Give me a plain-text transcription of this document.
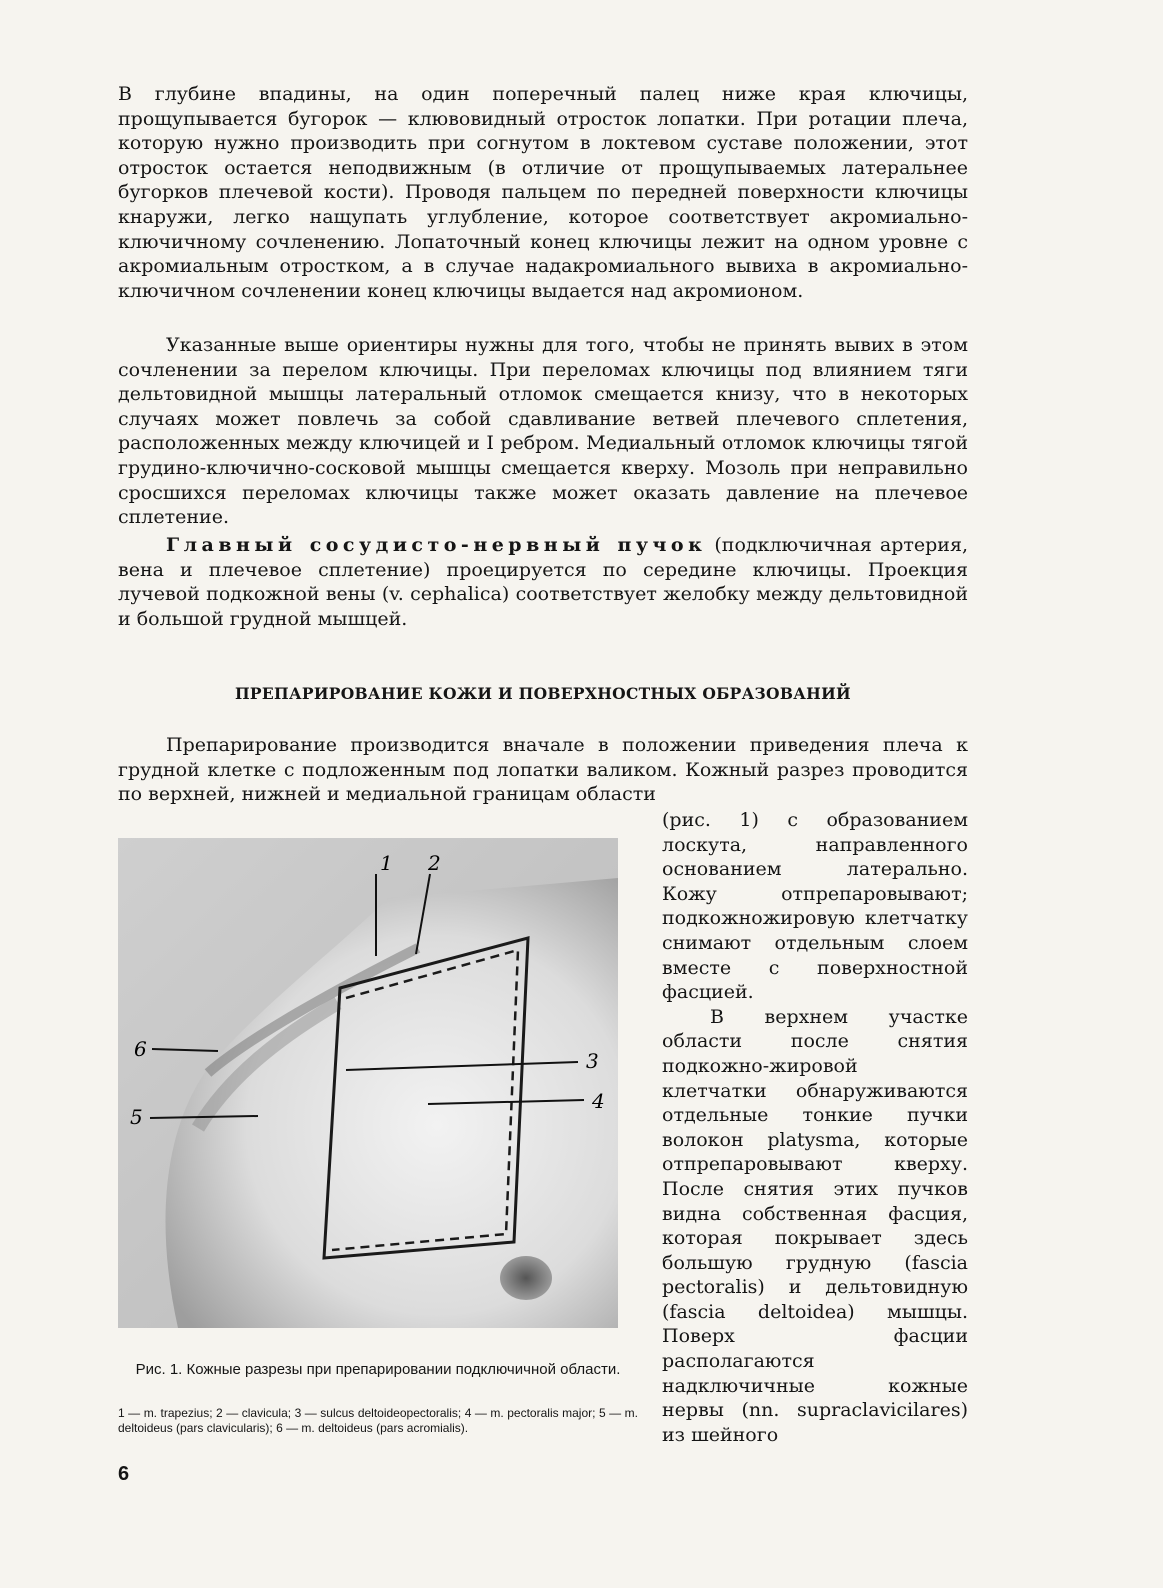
В глубине впадины, на один поперечный палец ниже края ключицы, прощупывается бугорок — клювовидный отросток лопатки. При ротации плеча, которую нужно производить при согнутом в локтевом суставе положении, этот отросток остается неподвижным (в отличие от прощупываемых латеральнее бугорков плечевой кости). Проводя пальцем по передней поверхности ключицы кнаружи, легко нащупать углубление, которое соответствует акромиально-ключичному сочленению. Лопаточный конец ключицы лежит на одном уровне с акромиальным отростком, а в случае надакромиального вывиха в акромиально-ключичном сочленении конец ключицы выдается над акромионом.

Указанные выше ориентиры нужны для того, чтобы не принять вывих в этом сочленении за перелом ключицы. При переломах ключицы под влиянием тяги дельтовидной мышцы латеральный отломок смещается книзу, что в некоторых случаях может повлечь за собой сдавливание ветвей плечевого сплетения, расположенных между ключицей и I ребром. Медиальный отломок ключицы тягой грудино-ключично-сосковой мышцы смещается кверху. Мозоль при неправильно сросшихся переломах ключицы также может оказать давление на плечевое сплетение.

Главный сосудисто-нервный пучок (подключичная артерия, вена и плечевое сплетение) проецируется по середине ключицы. Проекция лучевой подкожной вены (v. cephalica) соответствует желобку между дельтовидной и большой грудной мышцей.

ПРЕПАРИРОВАНИЕ КОЖИ И ПОВЕРХНОСТНЫХ ОБРАЗОВАНИЙ

Препарирование производится вначале в положении приведения плеча к грудной клетке с подложенным под лопатки валиком. Кожный разрез проводится по верхней, нижней и медиальной границам области

(рис. 1) с образованием лоскута, направленного основанием латерально. Кожу отпрепаровывают; подкожножировую клетчатку снимают отдельным слоем вместе с поверхностной фасцией.

В верхнем участке области после снятия подкожно-жировой клетчатки обнаруживаются отдельные тонкие пучки волокон platysma, которые отпрепаровывают кверху. После снятия этих пучков видна собственная фасция, которая покрывает здесь большую грудную (fascia pectoralis) и дельтовидную (fascia deltoidea) мышцы. Поверх фасции располагаются надключичные кожные нервы (nn. supraclavicilares) из шейного

1 2
3
4
5
6

Рис. 1. Кожные разрезы при препарировании подключичной области.

1 — m. trapezius; 2 — clavicula; 3 — sulcus deltoideopectoralis; 4 — m. pectoralis major; 5 — m. deltoideus (pars clavicularis); 6 — m. deltoideus (pars acromialis).

6
